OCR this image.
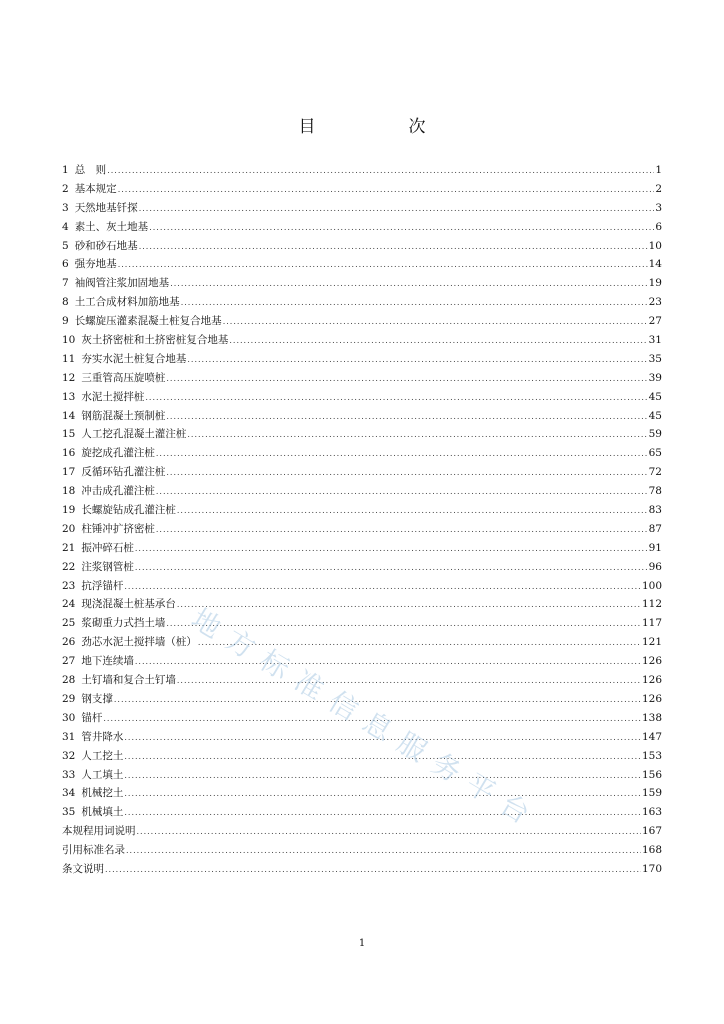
目　次
1 总　则 .....	1
2 基本规定 .....	2
3 天然地基钎探 .....	3
4 素土、灰土地基 .....	6
5 砂和砂石地基 .....	10
6 强夯地基 .....	14
7 袖阀管注浆加固地基 .....	19
8 土工合成材料加筋地基 .....	23
9 长螺旋压灌素混凝土桩复合地基 .....	27
10 灰土挤密桩和土挤密桩复合地基 .....	31
11 夯实水泥土桩复合地基 .....	35
12 三重管高压旋喷桩 .....	39
13 水泥土搅拌桩 .....	45
14 钢筋混凝土预制桩 .....	45
15 人工挖孔混凝土灌注桩 .....	59
16 旋挖成孔灌注桩 .....	65
17 反循环钻孔灌注桩 .....	72
18 冲击成孔灌注桩 .....	78
19 长螺旋钻成孔灌注桩 .....	83
20 柱锤冲扩挤密桩 .....	87
21 振冲碎石桩 .....	91
22 注浆钢管桩 .....	96
23 抗浮锚杆 .....	100
24 现浇混凝土桩基承台 .....	112
25 浆砌重力式挡土墙 .....	117
26 劲芯水泥土搅拌墙（桩） .....	121
27 地下连续墙 .....	126
28 土钉墙和复合土钉墙 .....	126
29 钢支撑 .....	126
30 锚杆 .....	138
31 管井降水 .....	147
32 人工挖土 .....	153
33 人工填土 .....	156
34 机械挖土 .....	159
35 机械填土 .....	163
本规程用词说明 .....	167
引用标准名录 .....	168
条文说明 .....	170
地方标准信息服务平台
1
